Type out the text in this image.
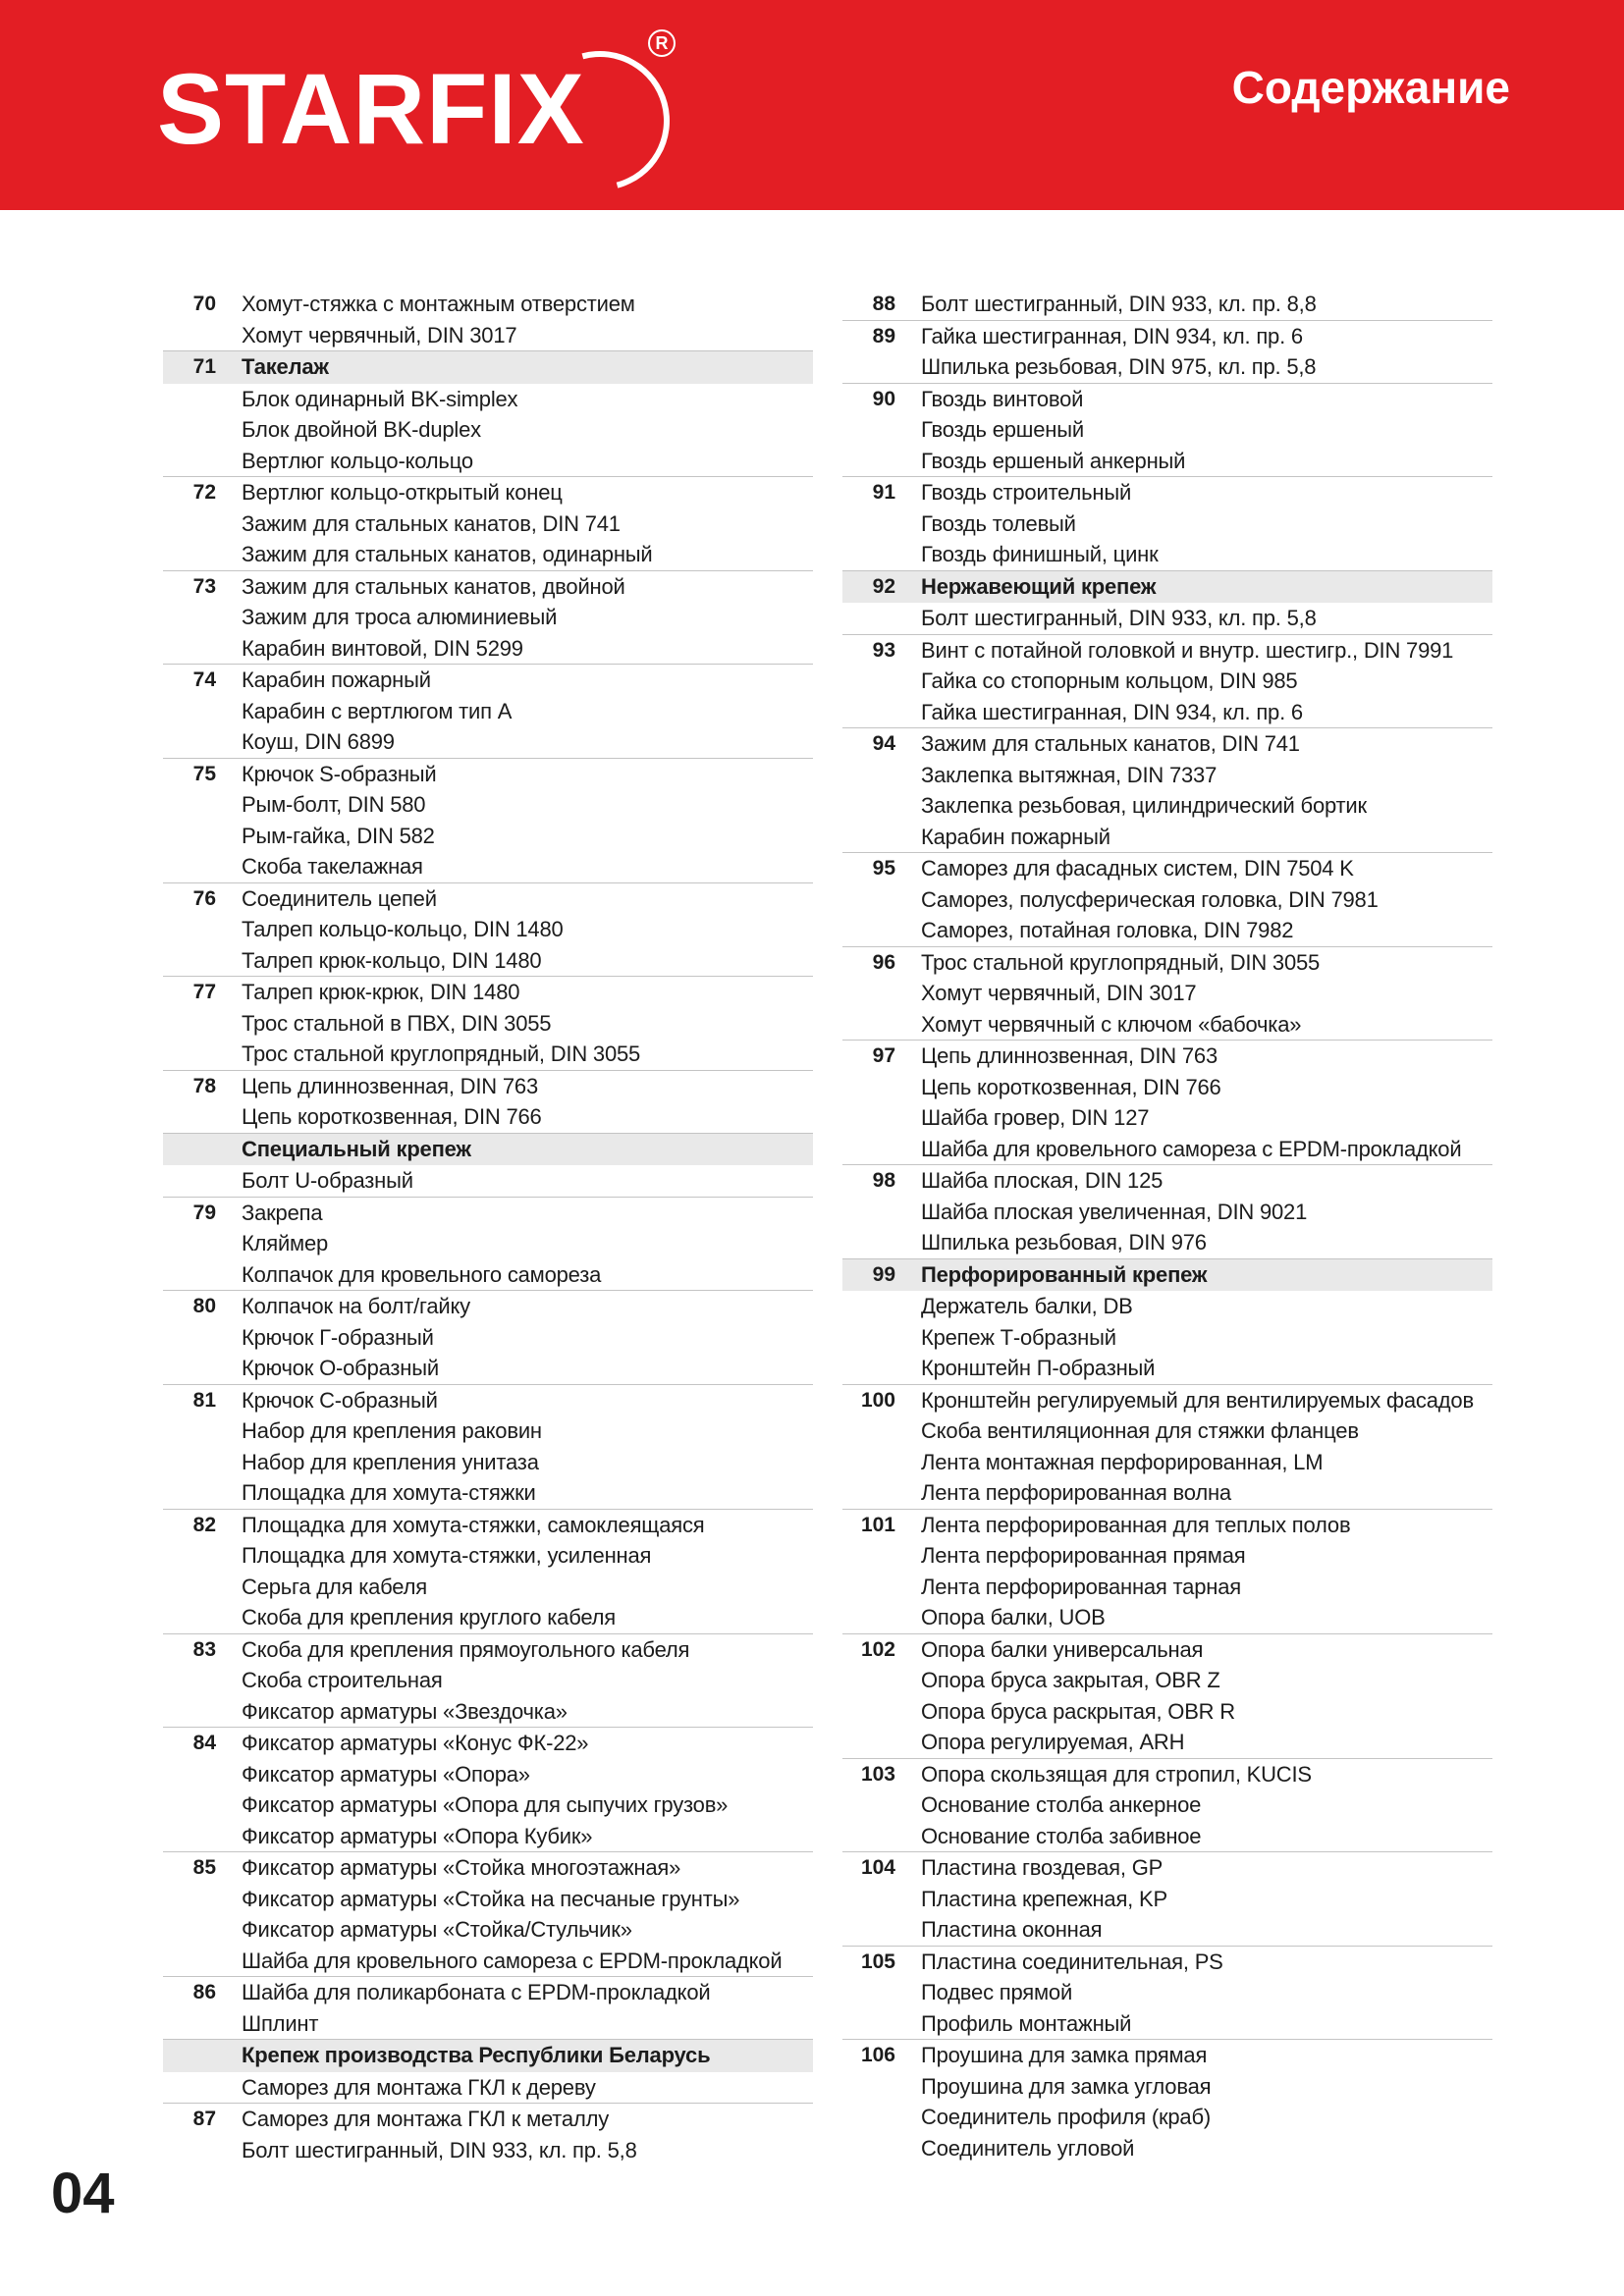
STARFIX
R
Содержание
70	Хомут-стяжка с монтажным отверстием
Хомут червячный, DIN 3017
71	Такелаж
Блок одинарный BK-simplex
Блок двойной BK-duplex
Вертлюг кольцо-кольцо
72	Вертлюг кольцо-открытый конец
Зажим для стальных канатов, DIN 741
Зажим для стальных канатов, одинарный
73	Зажим для стальных канатов, двойной
Зажим для троса алюминиевый
Карабин винтовой, DIN 5299
74	Карабин пожарный
Карабин с вертлюгом тип A
Коуш, DIN 6899
75	Крючок S-образный
Рым-болт, DIN 580
Рым-гайка, DIN 582
Скоба такелажная
76	Соединитель цепей
Талреп кольцо-кольцо, DIN 1480
Талреп крюк-кольцо, DIN 1480
77	Талреп крюк-крюк, DIN 1480
Трос стальной в ПВХ, DIN 3055
Трос стальной круглопрядный, DIN 3055
78	Цепь длиннозвенная, DIN 763
Цепь короткозвенная, DIN 766
Специальный крепеж
Болт U-образный
79	Закрепа
Кляймер
Колпачок для кровельного самореза
80	Колпачок на болт/гайку
Крючок Г-образный
Крючок О-образный
81	Крючок С-образный
Набор для крепления раковин
Набор для крепления унитаза
Площадка для хомута-стяжки
82	Площадка для хомута-стяжки, самоклеящаяся
Площадка для хомута-стяжки, усиленная
Серьга для кабеля
Скоба для крепления круглого кабеля
83	Скоба для крепления прямоугольного кабеля
Скоба строительная
Фиксатор арматуры «Звездочка»
84	Фиксатор арматуры «Конус ФК-22»
Фиксатор арматуры «Опора»
Фиксатор арматуры «Опора для сыпучих грузов»
Фиксатор арматуры «Опора Кубик»
85	Фиксатор арматуры «Стойка многоэтажная»
Фиксатор арматуры «Стойка на песчаные грунты»
Фиксатор арматуры «Стойка/Стульчик»
Шайба для кровельного самореза с EPDM-прокладкой
86	Шайба для поликарбоната с EPDM-прокладкой
Шплинт
Крепеж производства Республики Беларусь
Саморез для монтажа ГКЛ к дереву
87	Саморез для монтажа ГКЛ к металлу
Болт шестигранный, DIN 933, кл. пр. 5,8
88	Болт шестигранный, DIN 933, кл. пр. 8,8
89	Гайка шестигранная, DIN 934, кл. пр. 6
Шпилька резьбовая, DIN 975, кл. пр. 5,8
90	Гвоздь винтовой
Гвоздь ершеный
Гвоздь ершеный анкерный
91	Гвоздь строительный
Гвоздь толевый
Гвоздь финишный, цинк
92	Нержавеющий крепеж
Болт шестигранный, DIN 933, кл. пр. 5,8
93	Винт с потайной головкой и внутр. шестигр., DIN 7991
Гайка со стопорным кольцом, DIN 985
Гайка шестигранная, DIN 934, кл. пр. 6
94	Зажим для стальных канатов, DIN 741
Заклепка вытяжная, DIN 7337
Заклепка резьбовая, цилиндрический бортик
Карабин пожарный
95	Саморез для фасадных систем, DIN 7504 K
Саморез, полусферическая головка, DIN 7981
Саморез, потайная головка, DIN 7982
96	Трос стальной круглопрядный, DIN 3055
Хомут червячный, DIN 3017
Хомут червячный с ключом «бабочка»
97	Цепь длиннозвенная, DIN 763
Цепь короткозвенная, DIN 766
Шайба гровер, DIN 127
Шайба для кровельного самореза с EPDM-прокладкой
98	Шайба плоская, DIN 125
Шайба плоская увеличенная, DIN 9021
Шпилька резьбовая, DIN 976
99	Перфорированный крепеж
Держатель балки, DB
Крепеж Т-образный
Кронштейн П-образный
100	Кронштейн регулируемый для вентилируемых фасадов
Скоба вентиляционная для стяжки фланцев
Лента монтажная перфорированная, LM
Лента перфорированная волна
101	Лента перфорированная для теплых полов
Лента перфорированная прямая
Лента перфорированная тарная
Опора балки, UOB
102	Опора балки универсальная
Опора бруса закрытая, OBR Z
Опора бруса раскрытая, OBR R
Опора регулируемая, ARH
103	Опора скользящая для стропил, KUCIS
Основание столба анкерное
Основание столба забивное
104	Пластина гвоздевая, GP
Пластина крепежная, KP
Пластина оконная
105	Пластина соединительная, PS
Подвес прямой
Профиль монтажный
106	Проушина для замка прямая
Проушина для замка угловая
Соединитель профиля (краб)
Соединитель угловой
04
